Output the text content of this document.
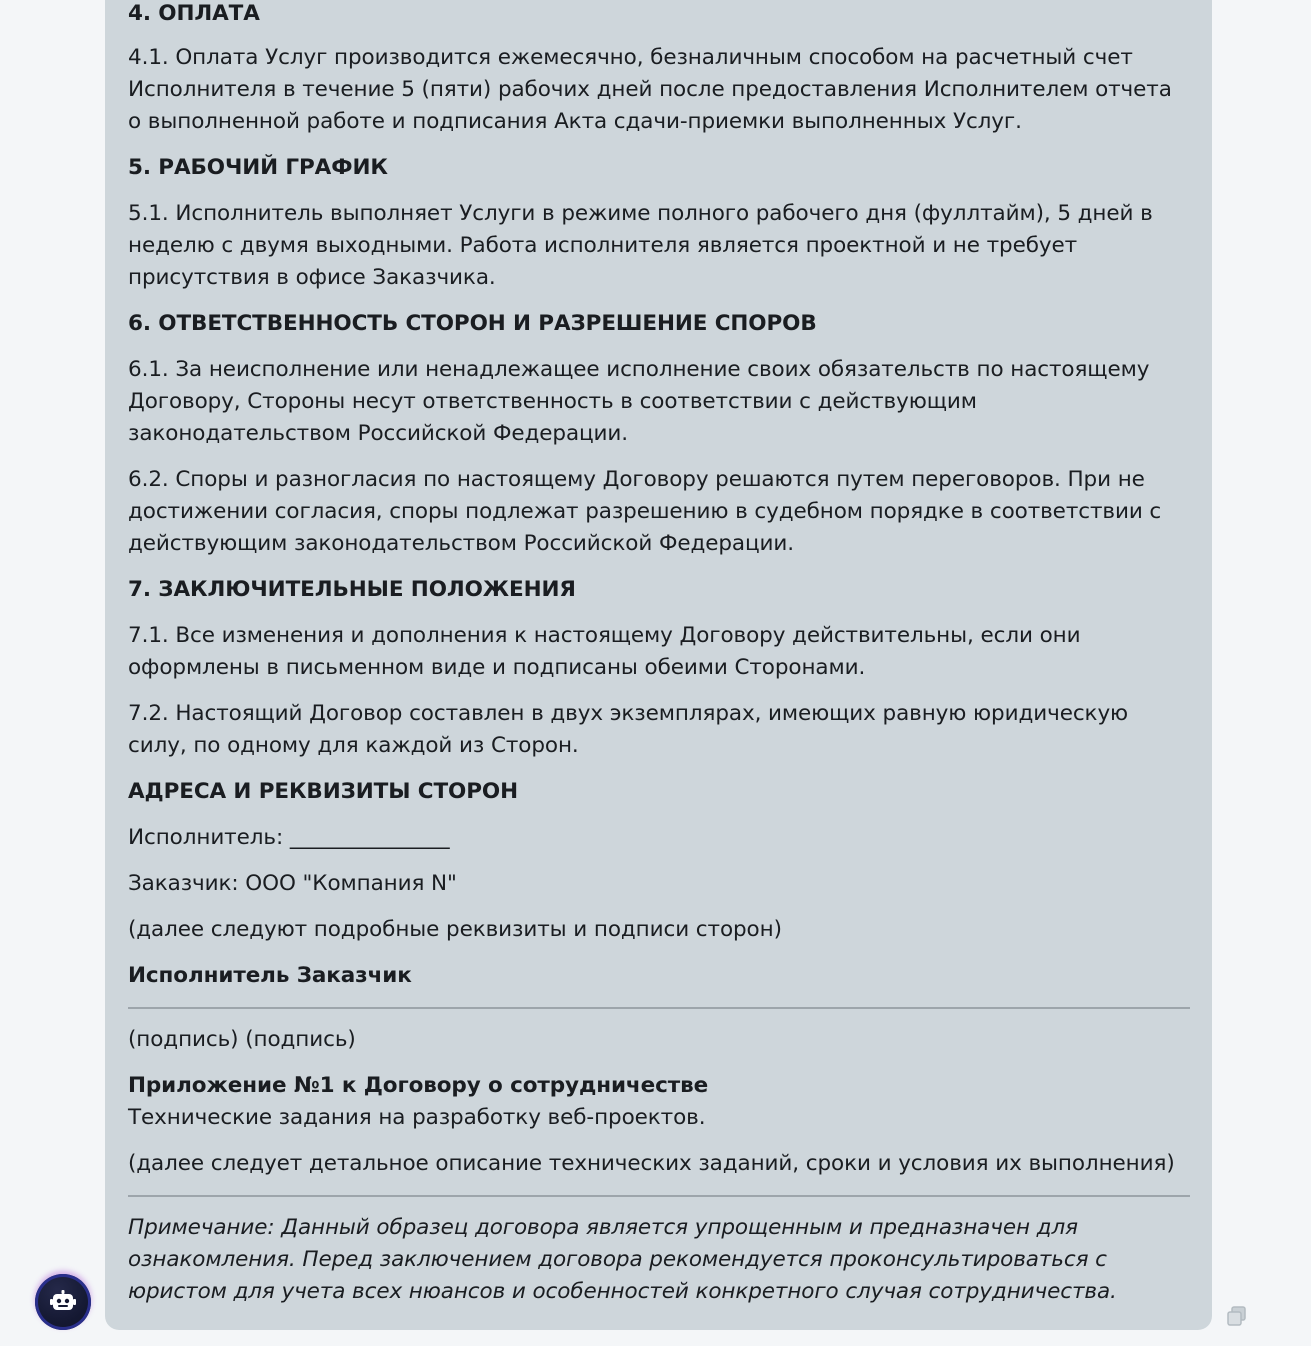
4. ОПЛАТА

4.1. Оплата Услуг производится ежемесячно, безналичным способом на расчетный счет Исполнителя в течение 5 (пяти) рабочих дней после предоставления Исполнителем отчета о выполненной работе и подписания Акта сдачи-приемки выполненных Услуг.

5. РАБОЧИЙ ГРАФИК

5.1. Исполнитель выполняет Услуги в режиме полного рабочего дня (фуллтайм), 5 дней в неделю с двумя выходными. Работа исполнителя является проектной и не требует присутствия в офисе Заказчика.

6. ОТВЕТСТВЕННОСТЬ СТОРОН И РАЗРЕШЕНИЕ СПОРОВ

6.1. За неисполнение или ненадлежащее исполнение своих обязательств по настоящему Договору, Стороны несут ответственность в соответствии с действующим законодательством Российской Федерации.

6.2. Споры и разногласия по настоящему Договору решаются путем переговоров. При не достижении согласия, споры подлежат разрешению в судебном порядке в соответствии с действующим законодательством Российской Федерации.

7. ЗАКЛЮЧИТЕЛЬНЫЕ ПОЛОЖЕНИЯ

7.1. Все изменения и дополнения к настоящему Договору действительны, если они оформлены в письменном виде и подписаны обеими Сторонами.

7.2. Настоящий Договор составлен в двух экземплярах, имеющих равную юридическую силу, по одному для каждой из Сторон.

АДРЕСА И РЕКВИЗИТЫ СТОРОН

Исполнитель: _______________

Заказчик: ООО "Компания N"

(далее следуют подробные реквизиты и подписи сторон)

Исполнитель Заказчик

(подпись) (подпись)

Приложение №1 к Договору о сотрудничестве

Технические задания на разработку веб-проектов.

(далее следует детальное описание технических заданий, сроки и условия их выполнения)

Примечание: Данный образец договора является упрощенным и предназначен для ознакомления. Перед заключением договора рекомендуется проконсультироваться с юристом для учета всех нюансов и особенностей конкретного случая сотрудничества.
